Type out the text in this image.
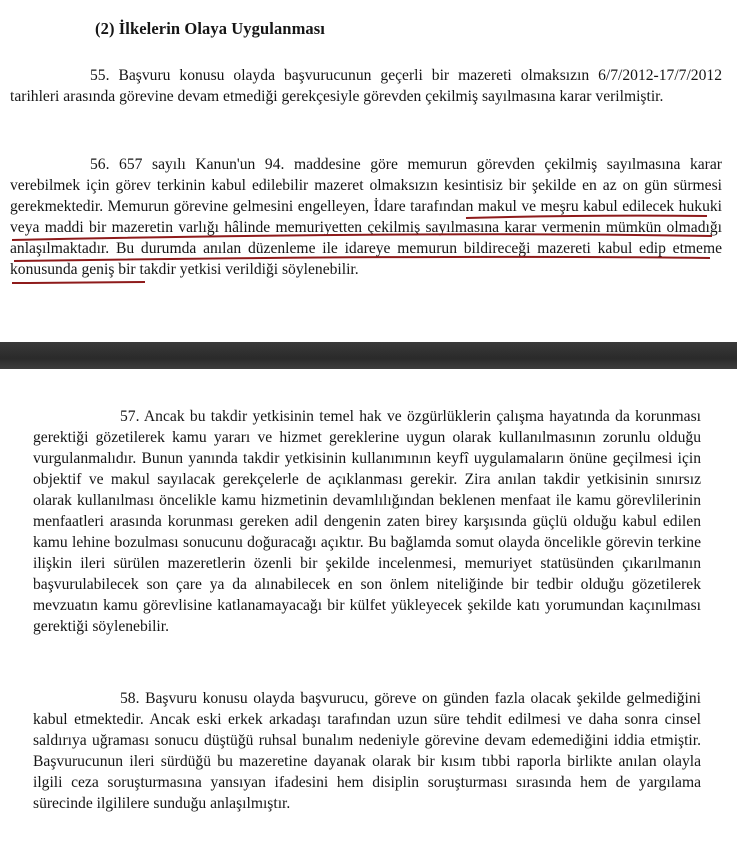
(2) İlkelerin Olaya Uygulanması
55. Başvuru konusu olayda başvurucunun geçerli bir mazereti olmaksızın 6/7/2012-17/7/2012 tarihleri arasında görevine devam etmediği gerekçesiyle görevden çekilmiş sayılmasına karar verilmiştir.
56. 657 sayılı Kanun'un 94. maddesine göre memurun görevden çekilmiş sayılmasına karar verebilmek için görev terkinin kabul edilebilir mazeret olmaksızın kesintisiz bir şekilde en az on gün sürmesi gerekmektedir. Memurun görevine gelmesini engelleyen, İdare tarafından makul ve meşru kabul edilecek hukuki veya maddi bir mazeretin varlığı hâlinde memuriyetten çekilmiş sayılmasına karar vermenin mümkün olmadığı anlaşılmaktadır. Bu durumda anılan düzenleme ile idareye memurun bildireceği mazereti kabul edip etmeme konusunda geniş bir takdir yetkisi verildiği söylenebilir.
57. Ancak bu takdir yetkisinin temel hak ve özgürlüklerin çalışma hayatında da korunması gerektiği gözetilerek kamu yararı ve hizmet gereklerine uygun olarak kullanılmasının zorunlu olduğu vurgulanmalıdır. Bunun yanında takdir yetkisinin kullanımının keyfî uygulamaların önüne geçilmesi için objektif ve makul sayılacak gerekçelerle de açıklanması gerekir. Zira anılan takdir yetkisinin sınırsız olarak kullanılması öncelikle kamu hizmetinin devamlılığından beklenen menfaat ile kamu görevlilerinin menfaatleri arasında korunması gereken adil dengenin zaten birey karşısında güçlü olduğu kabul edilen kamu lehine bozulması sonucunu doğuracağı açıktır. Bu bağlamda somut olayda öncelikle görevin terkine ilişkin ileri sürülen mazeretlerin özenli bir şekilde incelenmesi, memuriyet statüsünden çıkarılmanın başvurulabilecek son çare ya da alınabilecek en son önlem niteliğinde bir tedbir olduğu gözetilerek mevzuatın kamu görevlisine katlanamayacağı bir külfet yükleyecek şekilde katı yorumundan kaçınılması gerektiği söylenebilir.
58. Başvuru konusu olayda başvurucu, göreve on günden fazla olacak şekilde gelmediğini kabul etmektedir. Ancak eski erkek arkadaşı tarafından uzun süre tehdit edilmesi ve daha sonra cinsel saldırıya uğraması sonucu düştüğü ruhsal bunalım nedeniyle görevine devam edemediğini iddia etmiştir. Başvurucunun ileri sürdüğü bu mazeretine dayanak olarak bir kısım tıbbi raporla birlikte anılan olayla ilgili ceza soruşturmasına yansıyan ifadesini hem disiplin soruşturması sırasında hem de yargılama sürecinde ilgililere sunduğu anlaşılmıştır.
